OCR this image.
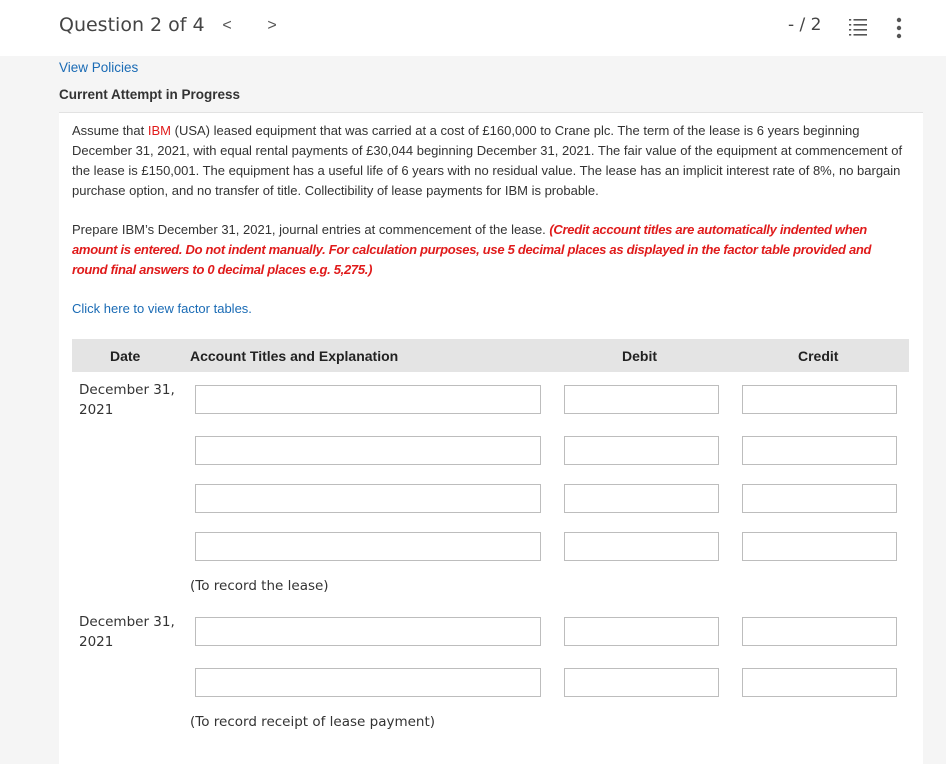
Question 2 of 4 < >	- / 2
View Policies
Current Attempt in Progress
Assume that IBM (USA) leased equipment that was carried at a cost of £160,000 to Crane plc. The term of the lease is 6 years beginning December 31, 2021, with equal rental payments of £30,044 beginning December 31, 2021. The fair value of the equipment at commencement of the lease is £150,001. The equipment has a useful life of 6 years with no residual value. The lease has an implicit interest rate of 8%, no bargain purchase option, and no transfer of title. Collectibility of lease payments for IBM is probable.
Prepare IBM’s December 31, 2021, journal entries at commencement of the lease. (Credit account titles are automatically indented when amount is entered. Do not indent manually. For calculation purposes, use 5 decimal places as displayed in the factor table provided and round final answers to 0 decimal places e.g. 5,275.)
Click here to view factor tables.
Date	Account Titles and Explanation	Debit	Credit
December 31, 2021
(To record the lease)
December 31, 2021
(To record receipt of lease payment)
